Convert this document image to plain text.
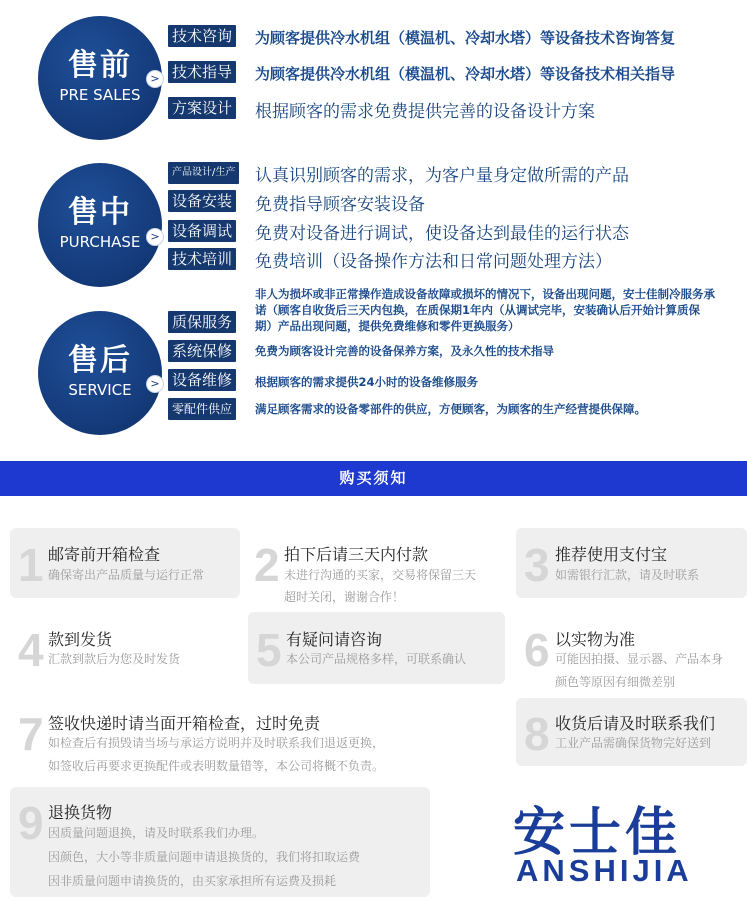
售前
PRE SALES
>
技术咨询 为顾客提供冷水机组（模温机、冷却水塔）等设备技术咨询答复
技术指导 为顾客提供冷水机组（模温机、冷却水塔）等设备技术相关指导
方案设计 根据顾客的需求免费提供完善的设备设计方案
售中
PURCHASE >
产品设计/生产 认真识别顾客的需求，为客户量身定做所需的产品
设备安装 免费指导顾客安装设备
设备调试 免费对设备进行调试，使设备达到最佳的运行状态
技术培训 免费培训（设备操作方法和日常问题处理方法）
售后
SERVICE	>
质保服务
非人为损坏或非正常操作造成设备故障或损坏的情况下，设备出现问题，安士佳制冷服务承诺（顾客自收货后三天内包换，在质保期1年内（从调试完毕，安装确认后开始计算质保期）产品出现问题，提供免费维修和零件更换服务）
系统保修	免费为顾客设计完善的设备保养方案，及永久性的技术指导
设备维修	根据顾客的需求提供24小时的设备维修服务
零配件供应	满足顾客需求的设备零部件的供应，方便顾客，为顾客的生产经营提供保障。
购买须知
1 邮寄前开箱检查
确保寄出产品质量与运行正常 2 拍下后请三天内付款
未进行沟通的买家，交易将保留三天
超时关闭，谢谢合作！
3 推荐使用支付宝
如需银行汇款，请及时联系
4 款到发货
汇款到款后为您及时发货 5 有疑问请咨询
本公司产品规格多样，可联系确认 6 以实物为准
可能因拍摄、显示器、产品本身
颜色等原因有细微差别
7 签收快递时请当面开箱检查，过时免责
如检查后有损毁请当场与承运方说明并及时联系我们退返更换，
如签收后再要求更换配件或表明数量错等，本公司将概不负责。
8 收货后请及时联系我们
工业产品需确保货物完好送到
9 退换货物
因质量问题退换，请及时联系我们办理。
因颜色，大小等非质量问题申请退换货的，我们将扣取运费
因非质量问题申请换货的，由买家承担所有运费及损耗
安士佳
ANSHIJIA
